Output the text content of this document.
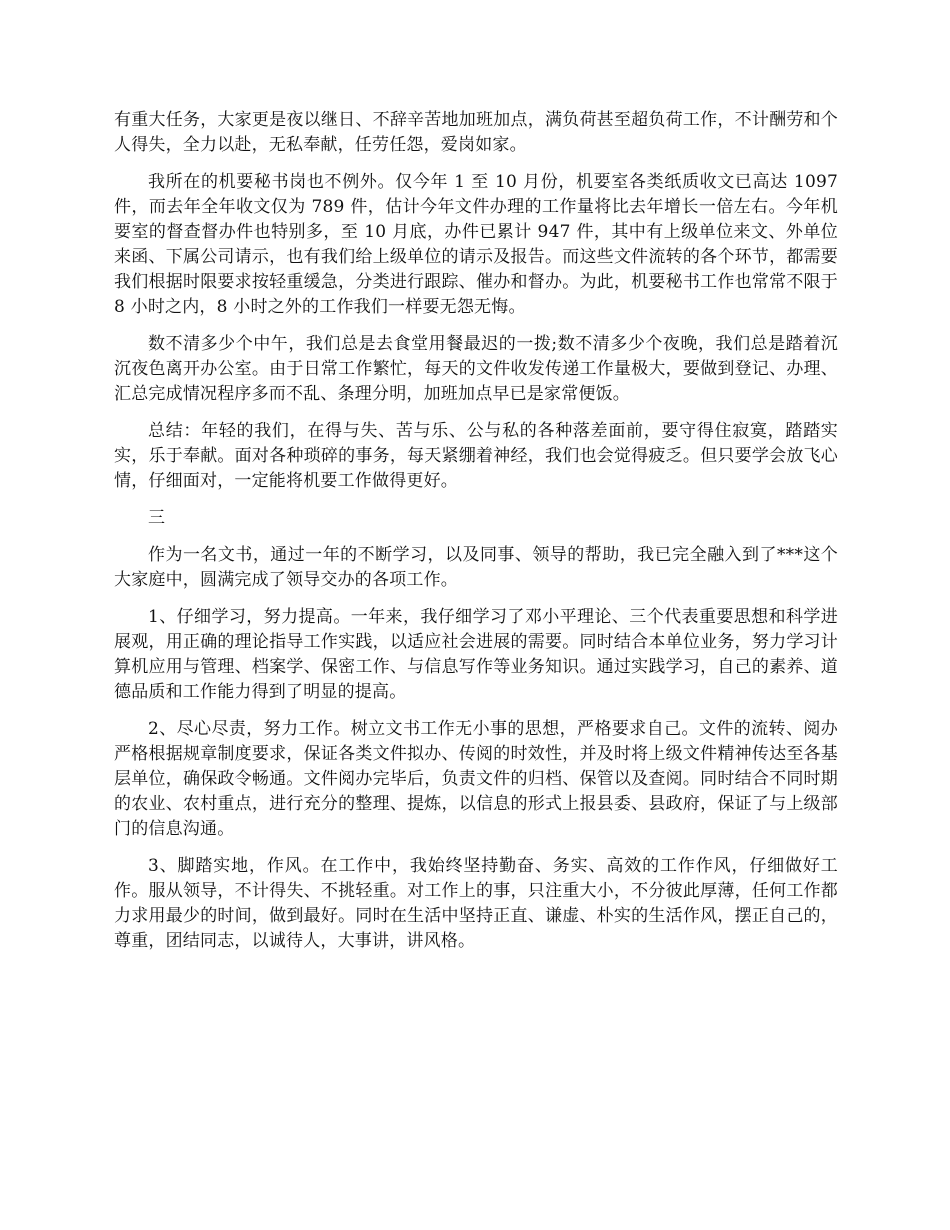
有重大任务，大家更是夜以继日、不辞辛苦地加班加点，满负荷甚至超负荷工作，不计酬劳和个人得失，全力以赴，无私奉献，任劳任怨，爱岗如家。

我所在的机要秘书岗也不例外。仅今年 1 至 10 月份，机要室各类纸质收文已高达 1097 件，而去年全年收文仅为 789 件，估计今年文件办理的工作量将比去年增长一倍左右。今年机要室的督查督办件也特别多，至 10 月底，办件已累计 947 件，其中有上级单位来文、外单位来函、下属公司请示，也有我们给上级单位的请示及报告。而这些文件流转的各个环节，都需要我们根据时限要求按轻重缓急，分类进行跟踪、催办和督办。为此，机要秘书工作也常常不限于 8 小时之内，8 小时之外的工作我们一样要无怨无悔。

数不清多少个中午，我们总是去食堂用餐最迟的一拨;数不清多少个夜晚，我们总是踏着沉沉夜色离开办公室。由于日常工作繁忙，每天的文件收发传递工作量极大，要做到登记、办理、汇总完成情况程序多而不乱、条理分明，加班加点早已是家常便饭。

总结：年轻的我们，在得与失、苦与乐、公与私的各种落差面前，要守得住寂寞，踏踏实实，乐于奉献。面对各种琐碎的事务，每天紧绷着神经，我们也会觉得疲乏。但只要学会放飞心情，仔细面对，一定能将机要工作做得更好。

三

作为一名文书，通过一年的不断学习，以及同事、领导的帮助，我已完全融入到了***这个大家庭中，圆满完成了领导交办的各项工作。

1、仔细学习，努力提高。一年来，我仔细学习了邓小平理论、三个代表重要思想和科学进展观，用正确的理论指导工作实践，以适应社会进展的需要。同时结合本单位业务，努力学习计算机应用与管理、档案学、保密工作、与信息写作等业务知识。通过实践学习，自己的素养、道德品质和工作能力得到了明显的提高。

2、尽心尽责，努力工作。树立文书工作无小事的思想，严格要求自己。文件的流转、阅办严格根据规章制度要求，保证各类文件拟办、传阅的时效性，并及时将上级文件精神传达至各基层单位，确保政令畅通。文件阅办完毕后，负责文件的归档、保管以及查阅。同时结合不同时期的农业、农村重点，进行充分的整理、提炼，以信息的形式上报县委、县政府，保证了与上级部门的信息沟通。

3、脚踏实地，作风。在工作中，我始终坚持勤奋、务实、高效的工作作风，仔细做好工作。服从领导，不计得失、不挑轻重。对工作上的事，只注重大小，不分彼此厚薄，任何工作都力求用最少的时间，做到最好。同时在生活中坚持正直、谦虚、朴实的生活作风，摆正自己的，尊重，团结同志，以诚待人，大事讲，讲风格。
